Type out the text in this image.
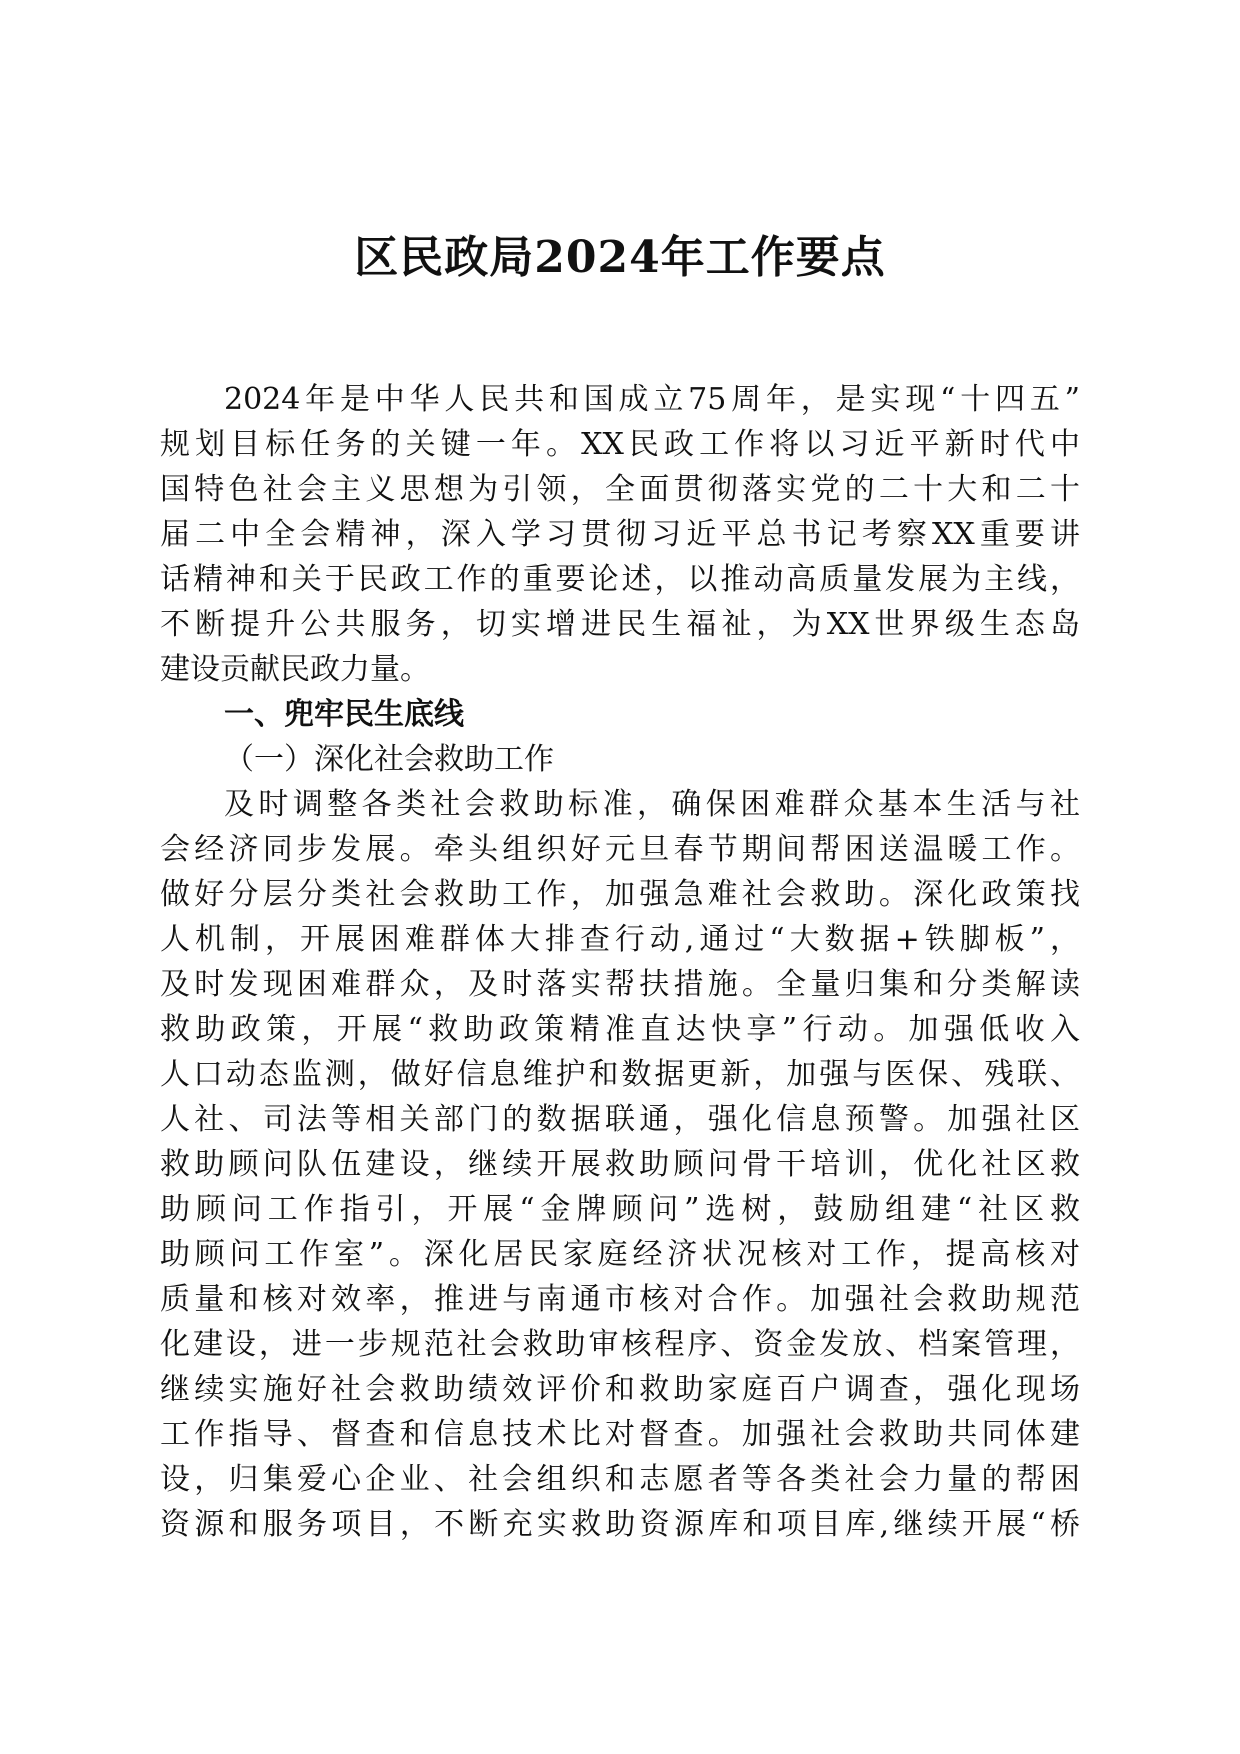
区民政局2024年工作要点
2024年是中华人民共和国成立75周年，是实现“十四五”
规划目标任务的关键一年。XX民政工作将以习近平新时代中
国特色社会主义思想为引领，全面贯彻落实党的二十大和二十
届二中全会精神，深入学习贯彻习近平总书记考察XX重要讲
话精神和关于民政工作的重要论述，以推动高质量发展为主线，
不断提升公共服务，切实增进民生福祉，为XX世界级生态岛
建设贡献民政力量。
一、兜牢民生底线
（一）深化社会救助工作
及时调整各类社会救助标准，确保困难群众基本生活与社
会经济同步发展。牵头组织好元旦春节期间帮困送温暖工作。
做好分层分类社会救助工作，加强急难社会救助。深化政策找
人机制，开展困难群体大排查行动,通过“大数据+铁脚板”，
及时发现困难群众，及时落实帮扶措施。全量归集和分类解读
救助政策，开展“救助政策精准直达快享”行动。加强低收入
人口动态监测，做好信息维护和数据更新，加强与医保、残联、
人社、司法等相关部门的数据联通，强化信息预警。加强社区
救助顾问队伍建设，继续开展救助顾问骨干培训，优化社区救
助顾问工作指引，开展“金牌顾问”选树，鼓励组建“社区救
助顾问工作室”。深化居民家庭经济状况核对工作，提高核对
质量和核对效率，推进与南通市核对合作。加强社会救助规范
化建设，进一步规范社会救助审核程序、资金发放、档案管理，
继续实施好社会救助绩效评价和救助家庭百户调查，强化现场
工作指导、督查和信息技术比对督查。加强社会救助共同体建
设，归集爱心企业、社会组织和志愿者等各类社会力量的帮困
资源和服务项目，不断充实救助资源库和项目库,继续开展“桥
